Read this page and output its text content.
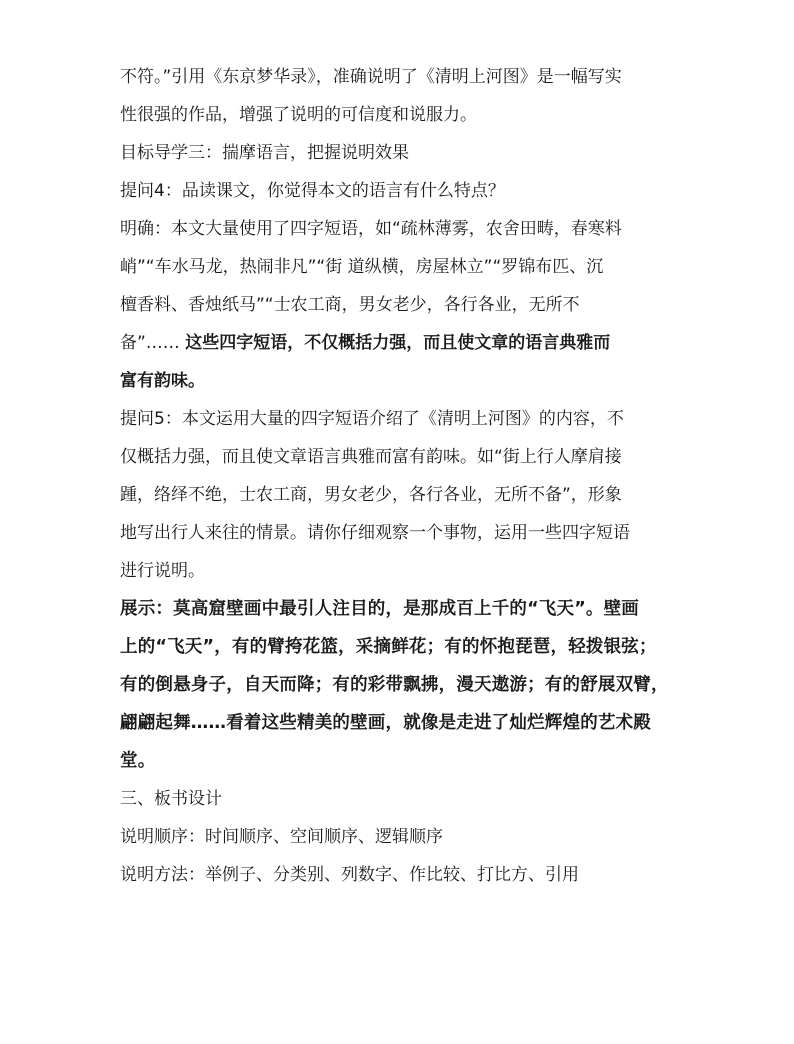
不符。”引用《东京梦华录》，准确说明了《清明上河图》是一幅写实
性很强的作品，增强了说明的可信度和说服力。
目标导学三：揣摩语言，把握说明效果
提问4：品读课文，你觉得本文的语言有什么特点？
明确：本文大量使用了四字短语，如“疏林薄雾，农舍田畴，春寒料
峭”“车水马龙，热闹非凡”“街 道纵横，房屋林立”“罗锦布匹、沉
檀香料、香烛纸马”“士农工商，男女老少，各行各业，无所不
备”…… 这些四字短语，不仅概括力强，而且使文章的语言典雅而
富有韵味。
提问5：本文运用大量的四字短语介绍了《清明上河图》的内容，不
仅概括力强，而且使文章语言典雅而富有韵味。如“街上行人摩肩接
踵，络绎不绝，士农工商，男女老少，各行各业，无所不备”，形象
地写出行人来往的情景。请你仔细观察一个事物，运用一些四字短语
进行说明。
展示：莫高窟壁画中最引人注目的，是那成百上千的“飞天”。壁画
上的“飞天”，有的臂挎花篮，采摘鲜花；有的怀抱琵琶，轻拨银弦；
有的倒悬身子，自天而降；有的彩带飘拂，漫天遨游；有的舒展双臂，
翩翩起舞……看着这些精美的壁画，就像是走进了灿烂辉煌的艺术殿
堂。
三、板书设计
说明顺序：时间顺序、空间顺序、逻辑顺序
说明方法：举例子、分类别、列数字、作比较、打比方、引用
